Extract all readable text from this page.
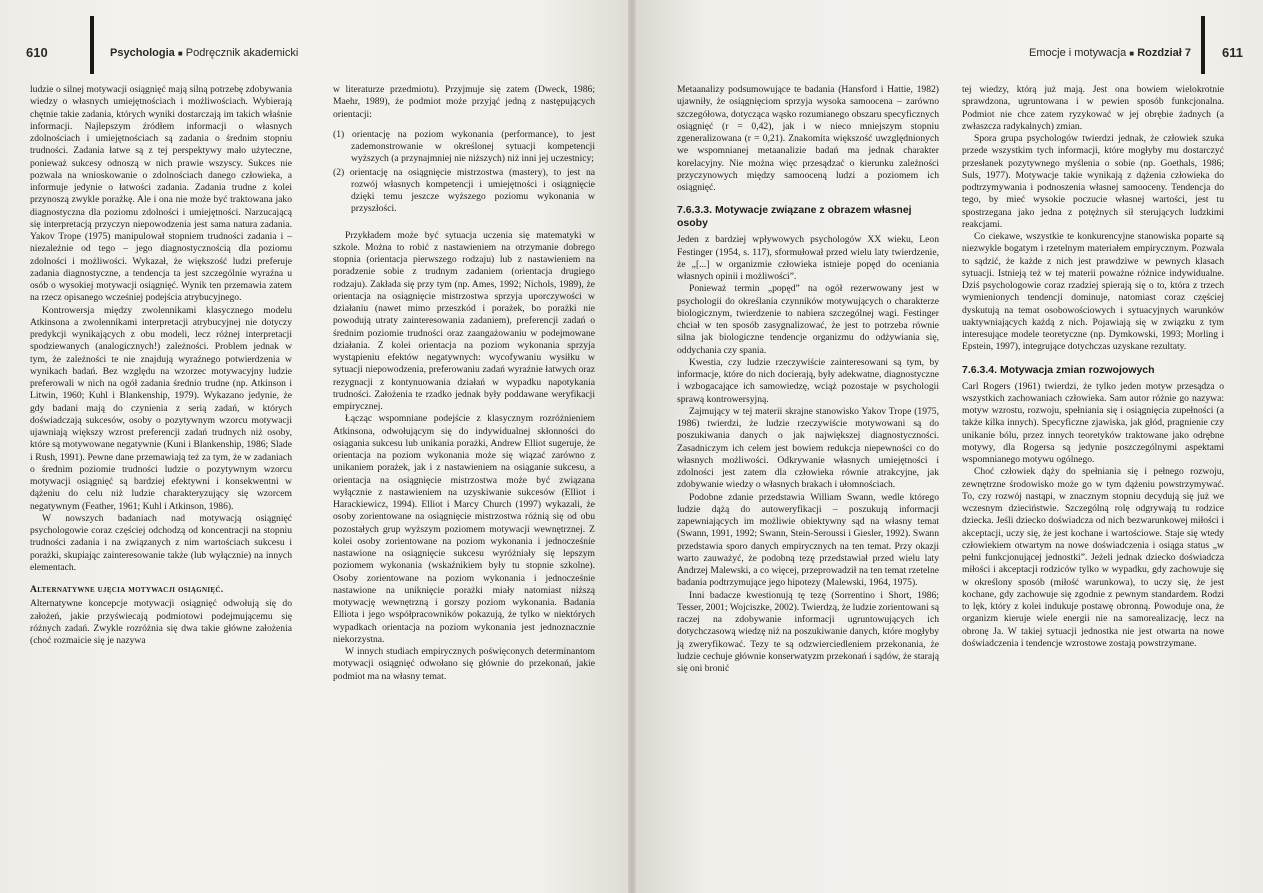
610	Psychologia ■ Podręcznik akademicki

ludzie o silnej motywacji osiągnięć mają silną potrzebę zdobywania wiedzy o własnych umiejętnościach i możliwościach. Wybierają chętnie takie zadania, których wyniki dostarczają im takich właśnie informacji. Najlepszym źródłem informacji o własnych zdolnościach i umiejętnościach są zadania o średnim stopniu trudności. Zadania łatwe są z tej perspektywy mało użyteczne, ponieważ sukcesy odnoszą w nich prawie wszyscy. Sukces nie pozwala na wnioskowanie o zdolnościach danego człowieka, a informuje jedynie o łatwości zadania. Zadania trudne z kolei przynoszą zwykle porażkę. Ale i ona nie może być traktowana jako diagnostyczna dla poziomu zdolności i umiejętności. Narzucającą się interpretacją przyczyn niepowodzenia jest sama natura zadania. Yakov Trope (1975) manipulował stopniem trudności zadania i – niezależnie od tego – jego diagnostycznością dla poziomu zdolności i możliwości. Wykazał, że większość ludzi preferuje zadania diagnostyczne, a tendencja ta jest szczególnie wyraźna u osób o wysokiej motywacji osiągnięć. Wynik ten przemawia zatem na rzecz opisanego wcześniej podejścia atrybucyjnego.

Kontrowersja między zwolennikami klasycznego modelu Atkinsona a zwolennikami interpretacji atrybucyjnej nie dotyczy predykcji wynikających z obu modeli, lecz różnej interpretacji spodziewanych (analogicznych!) zależności. Problem jednak w tym, że zależności te nie znajdują wyraźnego potwierdzenia w wynikach badań. Bez względu na wzorzec motywacyjny ludzie preferowali w nich na ogół zadania średnio trudne (np. Atkinson i Litwin, 1960; Kuhl i Blankenship, 1979). Wykazano jedynie, że gdy badani mają do czynienia z serią zadań, w których doświadczają sukcesów, osoby o pozytywnym wzorcu motywacji ujawniają większy wzrost preferencji zadań trudnych niż osoby, które są motywowane negatywnie (Kuni i Blankenship, 1986; Slade i Rush, 1991). Pewne dane przemawiają też za tym, że w zadaniach o średnim poziomie trudności ludzie o pozytywnym wzorcu motywacji osiągnięć są bardziej efektywni i konsekwentni w dążeniu do celu niż ludzie charakteryzujący się wzorcem negatywnym (Feather, 1961; Kuhl i Atkinson, 1986).

W nowszych badaniach nad motywacją osiągnięć psychologowie coraz częściej odchodzą od koncentracji na stopniu trudności zadania i na związanych z nim wartościach sukcesu i porażki, skupiając zainteresowanie także (lub wyłącznie) na innych elementach.

Alternatywne ujęcia motywacji osiągnięć.

Alternatywne koncepcje motywacji osiągnięć odwołują się do założeń, jakie przyświecają podmiotowi podejmującemu się różnych zadań. Zwykle rozróżnia się dwa takie główne założenia (choć rozmaicie się je nazywa

w literaturze przedmiotu). Przyjmuje się zatem (Dweck, 1986; Maehr, 1989), że podmiot może przyjąć jedną z następujących orientacji:

(1) orientację na poziom wykonania (performance), to jest zademonstrowanie w określonej sytuacji kompetencji wyższych (a przynajmniej nie niższych) niż inni jej uczestnicy;
(2) orientację na osiągnięcie mistrzostwa (mastery), to jest na rozwój własnych kompetencji i umiejętności i osiągnięcie dzięki temu jeszcze wyższego poziomu wykonania w przyszłości.

Przykładem może być sytuacja uczenia się matematyki w szkole. Można to robić z nastawieniem na otrzymanie dobrego stopnia (orientacja pierwszego rodzaju) lub z nastawieniem na poradzenie sobie z trudnym zadaniem (orientacja drugiego rodzaju). Zakłada się przy tym (np. Ames, 1992; Nichols, 1989), że orientacja na osiągnięcie mistrzostwa sprzyja uporczywości w działaniu (nawet mimo przeszkód i porażek, bo porażki nie powodują utraty zainteresowania zadaniem), preferencji zadań o średnim poziomie trudności oraz zaangażowaniu w podejmowane działania. Z kolei orientacja na poziom wykonania sprzyja wystąpieniu efektów negatywnych: wycofywaniu wysiłku w sytuacji niepowodzenia, preferowaniu zadań wyraźnie łatwych oraz rezygnacji z kontynuowania działań w wypadku napotykania trudności. Założenia te rzadko jednak były poddawane weryfikacji empirycznej.

Łącząc wspomniane podejście z klasycznym rozróżnieniem Atkinsona, odwołującym się do indywidualnej skłonności do osiągania sukcesu lub unikania porażki, Andrew Elliot sugeruje, że orientacja na poziom wykonania może się wiązać zarówno z unikaniem porażek, jak i z nastawieniem na osiąganie sukcesu, a orientacja na osiągnięcie mistrzostwa może być związana wyłącznie z nastawieniem na uzyskiwanie sukcesów (Elliot i Harackiewicz, 1994). Elliot i Marcy Church (1997) wykazali, że osoby zorientowane na osiągnięcie mistrzostwa różnią się od obu pozostałych grup wyższym poziomem motywacji wewnętrznej. Z kolei osoby zorientowane na poziom wykonania i jednocześnie nastawione na osiągnięcie sukcesu wyróżniały się lepszym poziomem wykonania (wskaźnikiem były tu stopnie szkolne). Osoby zorientowane na poziom wykonania i jednocześnie nastawione na uniknięcie porażki miały natomiast niższą motywację wewnętrzną i gorszy poziom wykonania. Badania Elliota i jego współpracowników pokazują, że tylko w niektórych wypadkach orientacja na poziom wykonania jest jednoznacznie niekorzystna.

W innych studiach empirycznych poświęconych determinantom motywacji osiągnięć odwołano się głównie do przekonań, jakie podmiot ma na własny temat.

Emocje i motywacja ■ Rozdział 7 611

Metaanalizy podsumowujące te badania (Hansford i Hattie, 1982) ujawniły, że osiągnięciom sprzyja wysoka samoocena – zarówno szczegółowa, dotycząca wąsko rozumianego obszaru specyficznych osiągnięć (r = 0,42), jak i w nieco mniejszym stopniu zgeneralizowana (r = 0,21). Znakomita większość uwzględnionych we wspomnianej metaanalizie badań ma jednak charakter korelacyjny. Nie można więc przesądzać o kierunku zależności przyczynowych między samooceną ludzi a poziomem ich osiągnięć.

7.6.3.3. Motywacje związane z obrazem własnej osoby

Jeden z bardziej wpływowych psychologów XX wieku, Leon Festinger (1954, s. 117), sformułował przed wielu laty twierdzenie, że „[...] w organizmie człowieka istnieje popęd do oceniania własnych opinii i możliwości”.

Ponieważ termin „popęd” na ogół rezerwowany jest w psychologii do określania czynników motywujących o charakterze biologicznym, twierdzenie to nabiera szczególnej wagi. Festinger chciał w ten sposób zasygnalizować, że jest to potrzeba równie silna jak biologiczne tendencje organizmu do odżywiania się, oddychania czy spania.

Kwestia, czy ludzie rzeczywiście zainteresowani są tym, by informacje, które do nich docierają, były adekwatne, diagnostyczne i wzbogacające ich samowiedzę, wciąż pozostaje w psychologii sprawą kontrowersyjną.

Zajmujący w tej materii skrajne stanowisko Yakov Trope (1975, 1986) twierdzi, że ludzie rzeczywiście motywowani są do poszukiwania danych o jak największej diagnostyczności. Zasadniczym ich celem jest bowiem redukcja niepewności co do własnych możliwości. Odkrywanie własnych umiejętności i zdolności jest zatem dla człowieka równie atrakcyjne, jak zdobywanie wiedzy o własnych brakach i ułomnościach.

Podobne zdanie przedstawia William Swann, wedle którego ludzie dążą do autoweryfikacji – poszukują informacji zapewniających im możliwie obiektywny sąd na własny temat (Swann, 1991, 1992; Swann, Stein-Seroussi i Giesler, 1992). Swann przedstawia sporo danych empirycznych na ten temat. Przy okazji warto zauważyć, że podobną tezę przedstawiał przed wielu laty Andrzej Malewski, a co więcej, przeprowadził na ten temat rzetelne badania podtrzymujące jego hipotezy (Malewski, 1964, 1975).

Inni badacze kwestionują tę tezę (Sorrentino i Short, 1986; Tesser, 2001; Wojciszke, 2002). Twierdzą, że ludzie zorientowani są raczej na zdobywanie informacji ugruntowujących ich dotychczasową wiedzę niż na poszukiwanie danych, które mogłyby ją zweryfikować. Tezy te są odzwierciedleniem przekonania, że ludzie cechuje głównie konserwatyzm przekonań i sądów, że starają się oni bronić

tej wiedzy, którą już mają. Jest ona bowiem wielokrotnie sprawdzona, ugruntowana i w pewien sposób funkcjonalna. Podmiot nie chce zatem ryzykować w jej obrębie żadnych (a zwłaszcza radykalnych) zmian.

Spora grupa psychologów twierdzi jednak, że człowiek szuka przede wszystkim tych informacji, które mogłyby mu dostarczyć przesłanek pozytywnego myślenia o sobie (np. Goethals, 1986; Suls, 1977). Motywacje takie wynikają z dążenia człowieka do podtrzymywania i podnoszenia własnej samooceny. Tendencja do tego, by mieć wysokie poczucie własnej wartości, jest tu spostrzegana jako jedna z potężnych sił sterujących ludzkimi reakcjami.

Co ciekawe, wszystkie te konkurencyjne stanowiska poparte są niezwykle bogatym i rzetelnym materiałem empirycznym. Pozwala to sądzić, że każde z nich jest prawdziwe w pewnych klasach sytuacji. Istnieją też w tej materii poważne różnice indywidualne. Dziś psychologowie coraz rzadziej spierają się o to, która z trzech wymienionych tendencji dominuje, natomiast coraz częściej dyskutują na temat osobowościowych i sytuacyjnych warunków uaktywniających każdą z nich. Pojawiają się w związku z tym interesujące modele teoretyczne (np. Dymkowski, 1993; Morling i Epstein, 1997), integrujące dotychczas uzyskane rezultaty.

7.6.3.4. Motywacja zmian rozwojowych

Carl Rogers (1961) twierdzi, że tylko jeden motyw przesądza o wszystkich zachowaniach człowieka. Sam autor różnie go nazywa: motyw wzrostu, rozwoju, spełniania się i osiągnięcia zupełności (a także kilka innych). Specyficzne zjawiska, jak głód, pragnienie czy unikanie bólu, przez innych teoretyków traktowane jako odrębne motywy, dla Rogersa są jedynie poszczególnymi aspektami wspomnianego motywu ogólnego.

Choć człowiek dąży do spełniania się i pełnego rozwoju, zewnętrzne środowisko może go w tym dążeniu powstrzymywać. To, czy rozwój nastąpi, w znacznym stopniu decydują się już we wczesnym dzieciństwie. Szczególną rolę odgrywają tu rodzice dziecka. Jeśli dziecko doświadcza od nich bezwarunkowej miłości i akceptacji, uczy się, że jest kochane i wartościowe. Staje się wtedy człowiekiem otwartym na nowe doświadczenia i osiąga status „w pełni funkcjonującej jednostki”. Jeżeli jednak dziecko doświadcza miłości i akceptacji rodziców tylko w wypadku, gdy zachowuje się w określony sposób (miłość warunkowa), to uczy się, że jest kochane, gdy zachowuje się zgodnie z pewnym standardem. Rodzi to lęk, który z kolei indukuje postawę obronną. Powoduje ona, że organizm kieruje wiele energii nie na samorealizację, lecz na obronę Ja. W takiej sytuacji jednostka nie jest otwarta na nowe doświadczenia i tendencje wzrostowe zostają powstrzymane.
